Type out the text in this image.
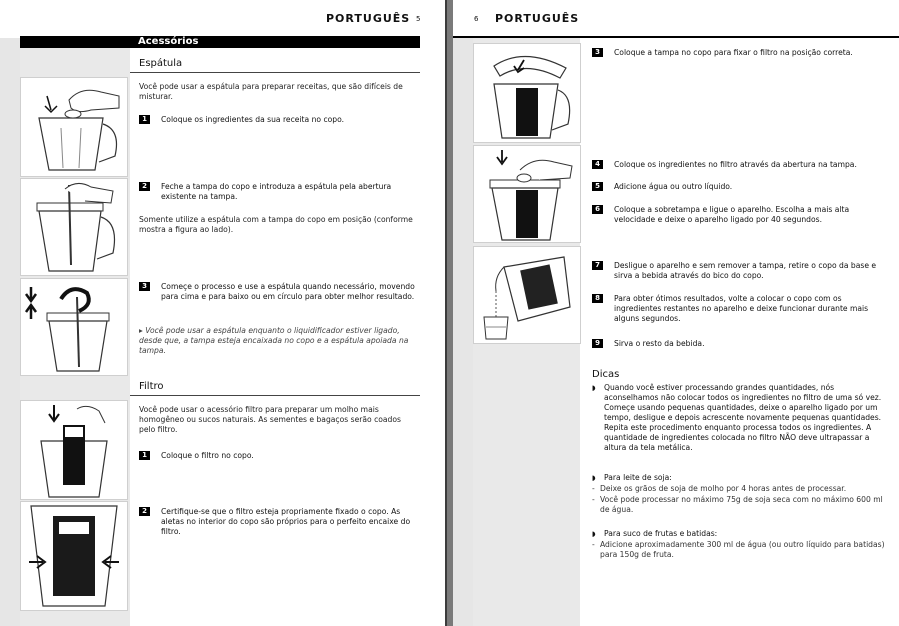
PORTUGUÊS 5
Acessórios
Espátula
Você pode usar a espátula para preparar receitas, que são difíceis de misturar.
1	Coloque os ingredientes da sua receita no copo.
2	Feche a tampa do copo e introduza a espátula pela abertura existente na tampa.
Somente utilize a espátula com a tampa do copo em posição (conforme mostra a figura ao lado).
3	Começe o processo e use a espátula quando necessário, movendo para cima e para baixo ou em círculo para obter melhor resultado.
▸ Você pode usar a espátula enquanto o liquidificador estiver ligado, desde que, a tampa esteja encaixada no copo e a espátula apoiada na tampa.
Filtro
Você pode usar o acessório filtro para preparar um molho mais homogêneo ou sucos naturais. As sementes e bagaços serão coados pelo filtro.
1	Coloque o filtro no copo.
2	Certifique-se que o filtro esteja propriamente fixado o copo. As aletas no interior do copo são próprios para o perfeito encaixe do filtro.
6 PORTUGUÊS
3	Coloque a tampa no copo para fixar o filtro na posição correta.
4	Coloque os ingredientes no filtro através da abertura na tampa.
5	Adicione água ou outro líquido.
6	Coloque a sobretampa e ligue o aparelho. Escolha a mais alta velocidade e deixe o aparelho ligado por 40 segundos.
7	Desligue o aparelho e sem remover a tampa, retire o copo da base e sirva a bebida através do bico do copo.
8	Para obter ótimos resultados, volte a colocar o copo com os ingredientes restantes no aparelho e deixe funcionar durante mais alguns segundos.
9	Sirva o resto da bebida.
Dicas
◗ Quando você estiver processando grandes quantidades, nós aconselhamos não colocar todos os ingredientes no filtro de uma só vez. Começe usando pequenas quantidades, deixe o aparelho ligado por um tempo, desligue e depois acrescente novamente pequenas quantidades. Repita este procedimento enquanto processa todos os ingredientes. A quantidade de ingredientes colocada no filtro NÃO deve ultrapassar a altura da tela metálica.
◗ Para leite de soja:
- Deixe os grãos de soja de molho por 4 horas antes de processar.
- Você pode processar no máximo 75g de soja seca com no máximo 600 ml de água.
◗ Para suco de frutas e batidas:
- Adicione aproximadamente 300 ml de água (ou outro líquido para batidas) para 150g de fruta.
